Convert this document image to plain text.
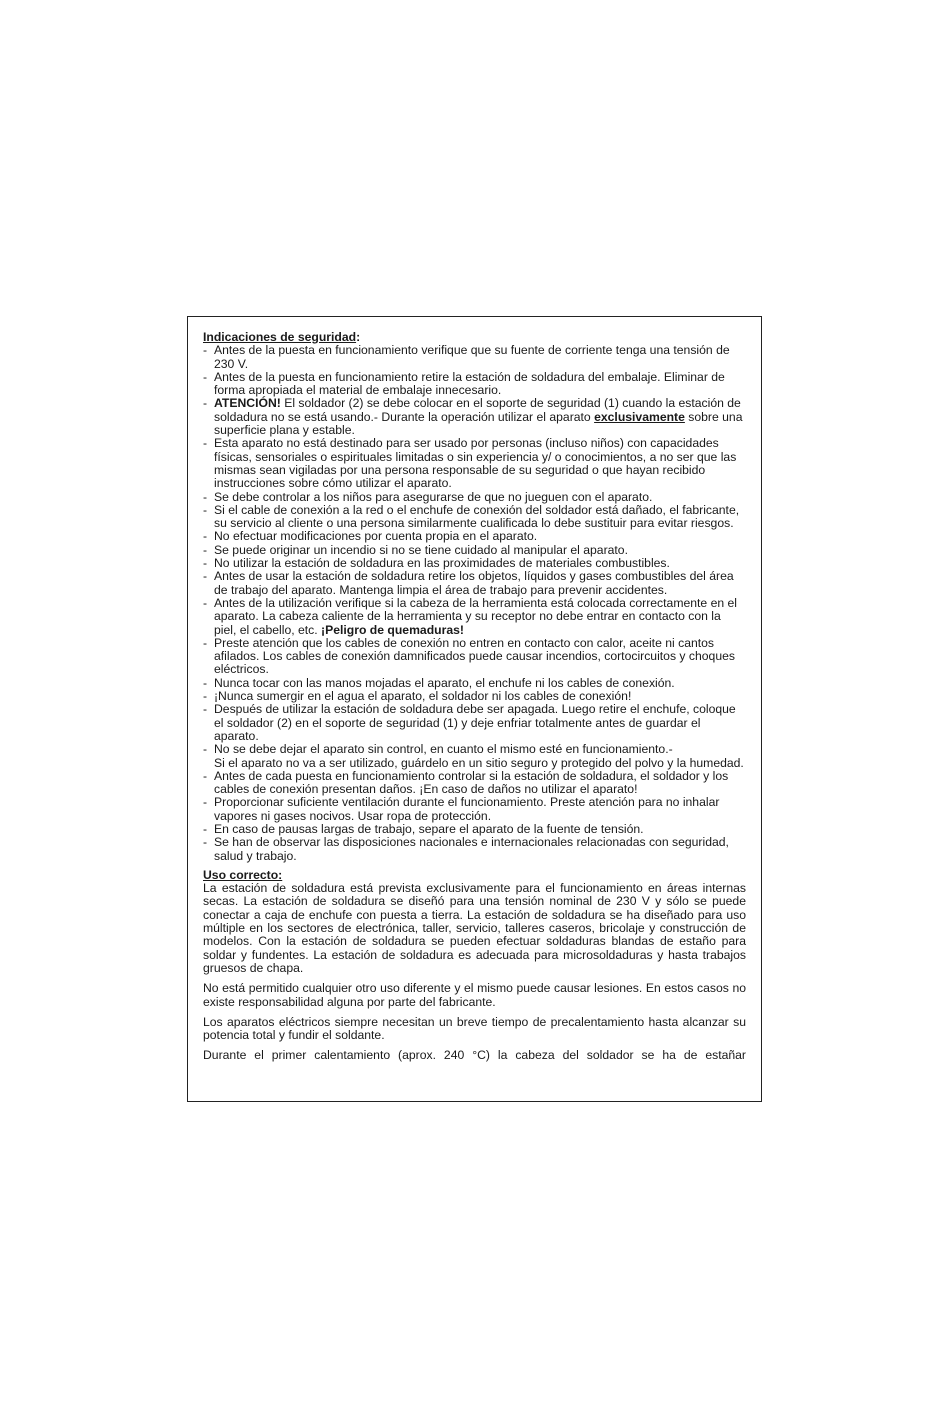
Indicaciones de seguridad:
- Antes de la puesta en funcionamiento verifique que su fuente de corriente tenga una tensión de 230 V.
- Antes de la puesta en funcionamiento retire la estación de soldadura del embalaje. Eliminar de forma apropiada el material de embalaje innecesario.
- ATENCIÓN! El soldador (2) se debe colocar en el soporte de seguridad (1) cuando la estación de soldadura no se está usando.- Durante la operación utilizar el aparato exclusivamente sobre una superficie plana y estable.
- Esta aparato no está destinado para ser usado por personas (incluso niños) con capacidades físicas, sensoriales o espirituales limitadas o sin experiencia y/ o conocimientos, a no ser que las mismas sean vigiladas por una persona responsable de su seguridad o que hayan recibido instrucciones sobre cómo utilizar el aparato.
- Se debe controlar a los niños para asegurarse de que no jueguen con el aparato.
- Si el cable de conexión a la red o el enchufe de conexión del soldador está dañado, el fabricante, su servicio al cliente o una persona similarmente cualificada lo debe sustituir para evitar riesgos.
- No efectuar modificaciones por cuenta propia en el aparato.
- Se puede originar un incendio si no se tiene cuidado al manipular el aparato.
- No utilizar la estación de soldadura en las proximidades de materiales combustibles.
- Antes de usar la estación de soldadura retire los objetos, líquidos y gases combustibles del área de trabajo del aparato. Mantenga limpia el área de trabajo para prevenir accidentes.
- Antes de la utilización verifique si la cabeza de la herramienta está colocada correctamente en el aparato. La cabeza caliente de la herramienta y su receptor no debe entrar en contacto con la piel, el cabello, etc. ¡Peligro de quemaduras!
- Preste atención que los cables de conexión no entren en contacto con calor, aceite ni cantos afilados. Los cables de conexión damnificados puede causar incendios, cortocircuitos y choques eléctricos.
- Nunca tocar con las manos mojadas el aparato, el enchufe ni los cables de conexión.
- ¡Nunca sumergir en el agua el aparato, el soldador ni los cables de conexión!
- Después de utilizar la estación de soldadura debe ser apagada. Luego retire el enchufe, coloque el soldador (2) en el soporte de seguridad (1) y deje enfriar totalmente antes de guardar el aparato.
- No se debe dejar el aparato sin control, en cuanto el mismo esté en funcionamiento.-
Si el aparato no va a ser utilizado, guárdelo en un sitio seguro y protegido del polvo y la humedad.
- Antes de cada puesta en funcionamiento controlar si la estación de soldadura, el soldador y los cables de conexión presentan daños. ¡En caso de daños no utilizar el aparato!
- Proporcionar suficiente ventilación durante el funcionamiento. Preste atención para no inhalar vapores ni gases nocivos. Usar ropa de protección.
- En caso de pausas largas de trabajo, separe el aparato de la fuente de tensión.
- Se han de observar las disposiciones nacionales e internacionales relacionadas con seguridad, salud y trabajo.
Uso correcto:

La estación de soldadura está prevista exclusivamente para el funcionamiento en áreas internas secas. La estación de soldadura se diseñó para una tensión nominal de 230 V y sólo se puede conectar a caja de enchufe con puesta a tierra. La estación de soldadura se ha diseñado para uso múltiple en los sectores de electrónica, taller, servicio, talleres caseros, bricolaje y construcción de modelos. Con la estación de soldadura se pueden efectuar soldaduras blandas de estaño para soldar y fundentes. La estación de soldadura es adecuada para microsoldaduras y hasta trabajos gruesos de chapa.

No está permitido cualquier otro uso diferente y el mismo puede causar lesiones. En estos casos no existe responsabilidad alguna por parte del fabricante.

Los aparatos eléctricos siempre necesitan un breve tiempo de precalentamiento hasta alcanzar su potencia total y fundir el soldante.

Durante el primer calentamiento (aprox. 240 °C) la cabeza del soldador se ha de estañar
